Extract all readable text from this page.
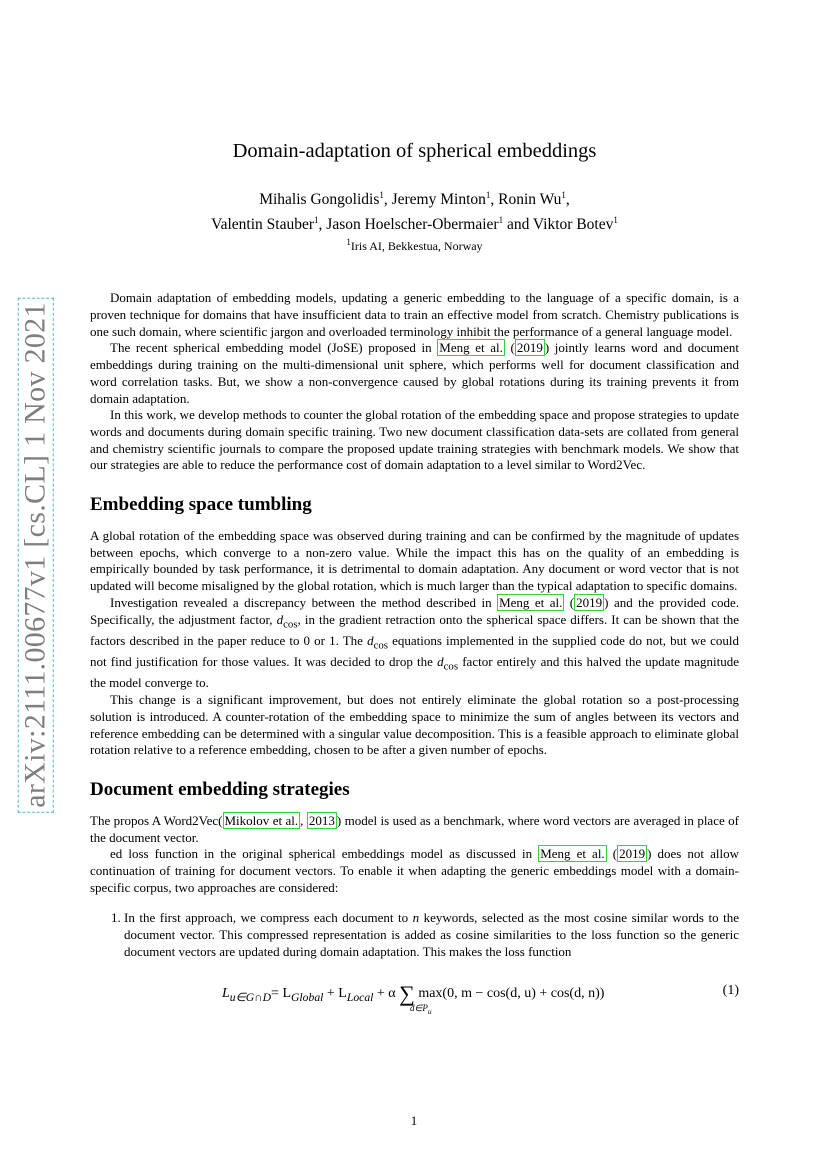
arXiv:2111.00677v1 [cs.CL] 1 Nov 2021
Domain-adaptation of spherical embeddings
Mihalis Gongolidis$^1$, Jeremy Minton$^1$, Ronin Wu$^1$,
Valentin Stauber$^1$, Jason Hoelscher-Obermaier$^1$ and Viktor Botev$^1$
$^1$Iris AI, Bekkestua, Norway

Domain adaptation of embedding models, updating a generic embedding to the language of a specific domain, is a proven technique for domains that have insufficient data to train an effective model from scratch. Chemistry publications is one such domain, where scientific jargon and overloaded terminology inhibit the performance of a general language model.

The recent spherical embedding model (JoSE) proposed in Meng et al. ( 2019 ) jointly learns word and document embeddings during training on the multi-dimensional unit sphere, which performs well for document classification and word correlation tasks. But, we show a non-convergence caused by global rotations during its training prevents it from domain adaptation.

In this work, we develop methods to counter the global rotation of the embedding space and propose strategies to update words and documents during domain specific training. Two new document classification data-sets are collated from general and chemistry scientific journals to compare the proposed update training strategies with benchmark models. We show that our strategies are able to reduce the performance cost of domain adaptation to a level similar to Word2Vec.

Embedding space tumbling

A global rotation of the embedding space was observed during training and can be confirmed by the magnitude of updates between epochs, which converge to a non-zero value. While the impact this has on the quality of an embedding is empirically bounded by task performance, it is detrimental to domain adaptation. Any document or word vector that is not updated will become misaligned by the global rotation, which is much larger than the typical adaptation to specific domains.

Investigation revealed a discrepancy between the method described in Meng et al. ( 2019 ) and the provided code. Specifically, the adjustment factor, $d_{cos}$, in the gradient retraction onto the spherical space differs. It can be shown that the factors described in the paper reduce to 0 or 1. The $d_{cos}$ equations implemented in the supplied code do not, but we could not find justification for those values. It was decided to drop the $d_{cos}$ factor entirely and this halved the update magnitude the model converge to.

This change is a significant improvement, but does not entirely eliminate the global rotation so a post-processing solution is introduced. A counter-rotation of the embedding space to minimize the sum of angles between its vectors and reference embedding can be determined with a singular value decomposition. This is a feasible approach to eliminate global rotation relative to a reference embedding, chosen to be after a given number of epochs.

Document embedding strategies

The propos A Word2Vec( Mikolov et al. , 2013 ) model is used as a benchmark, where word vectors are averaged in place of the document vector.

ed loss function in the original spherical embeddings model as discussed in Meng et al. ( 2019 ) does not allow continuation of training for document vectors. To enable it when adapting the generic embeddings model with a domain-specific corpus, two approaches are considered:

1. In the first approach, we compress each document to n keywords, selected as the most cosine similar words to the document vector. This compressed representation is added as cosine similarities to the loss function so the generic document vectors are updated during domain adaptation. This makes the loss function
$L_{u\in G\cap D}= L_{Global} + L_{Local} + \alpha$ ∑ max(0, m − cos(d, u) + cos(d, n))
$d\in P_u$
(1)
1
